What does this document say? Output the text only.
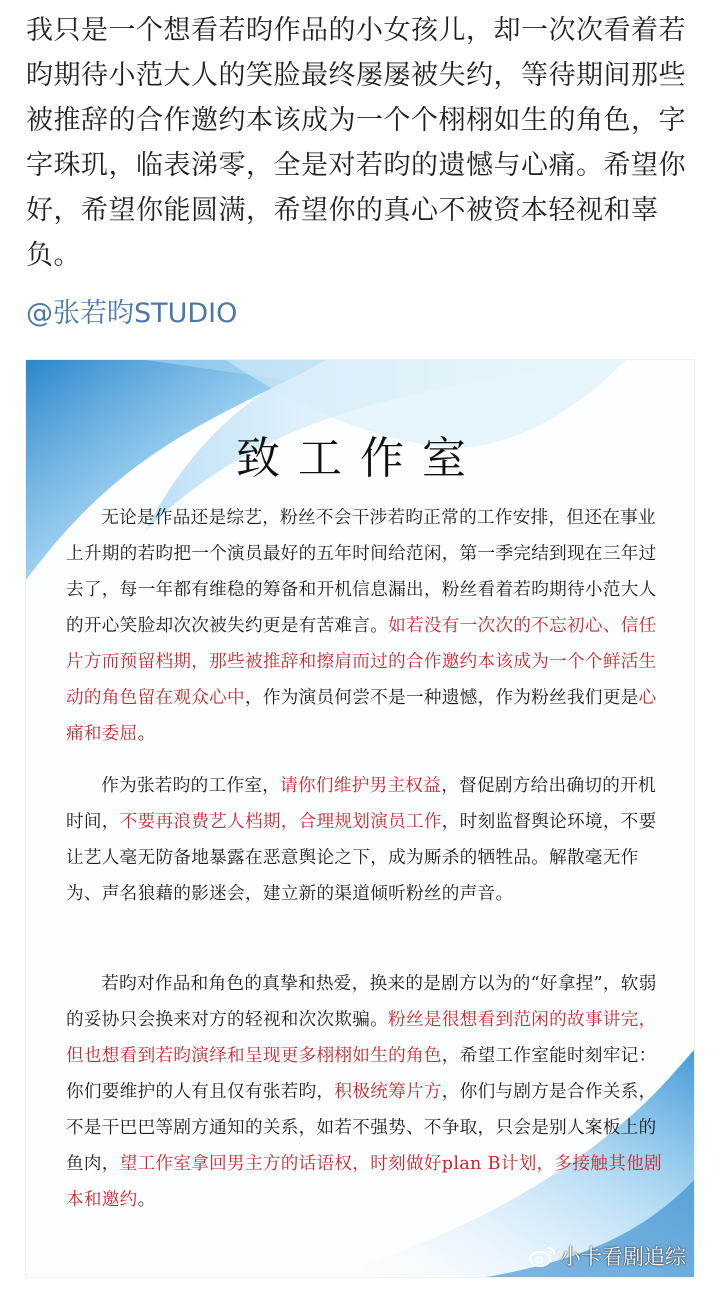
我只是一个想看若昀作品的小女孩儿，却一次次看着若昀期待小范大人的笑脸最终屡屡被失约，等待期间那些被推辞的合作邀约本该成为一个个栩栩如生的角色，字字珠玑，临表涕零，全是对若昀的遗憾与心痛。希望你好，希望你能圆满，希望你的真心不被资本轻视和辜负。

@张若昀STUDIO
致工作室

无论是作品还是综艺，粉丝不会干涉若昀正常的工作安排，但还在事业上升期的若昀把一个演员最好的五年时间给范闲，第一季完结到现在三年过去了，每一年都有维稳的筹备和开机信息漏出，粉丝看着若昀期待小范大人的开心笑脸却次次被失约更是有苦难言。如若没有一次次的不忘初心、信任片方而预留档期，那些被推辞和擦肩而过的合作邀约本该成为一个个鲜活生动的角色留在观众心中，作为演员何尝不是一种遗憾，作为粉丝我们更是心痛和委屈。

作为张若昀的工作室，请你们维护男主权益，督促剧方给出确切的开机时间，不要再浪费艺人档期，合理规划演员工作，时刻监督舆论环境，不要让艺人毫无防备地暴露在恶意舆论之下，成为厮杀的牺牲品。解散毫无作为、声名狼藉的影迷会，建立新的渠道倾听粉丝的声音。

若昀对作品和角色的真挚和热爱，换来的是剧方以为的“好拿捏”，软弱的妥协只会换来对方的轻视和次次欺骗。粉丝是很想看到范闲的故事讲完，但也想看到若昀演绎和呈现更多栩栩如生的角色，希望工作室能时刻牢记：你们要维护的人有且仅有张若昀，积极统筹片方，你们与剧方是合作关系，不是干巴巴等剧方通知的关系，如若不强势、不争取，只会是别人案板上的鱼肉，望工作室拿回男主方的话语权，时刻做好plan B计划，多接触其他剧本和邀约。

小卡看剧追综
